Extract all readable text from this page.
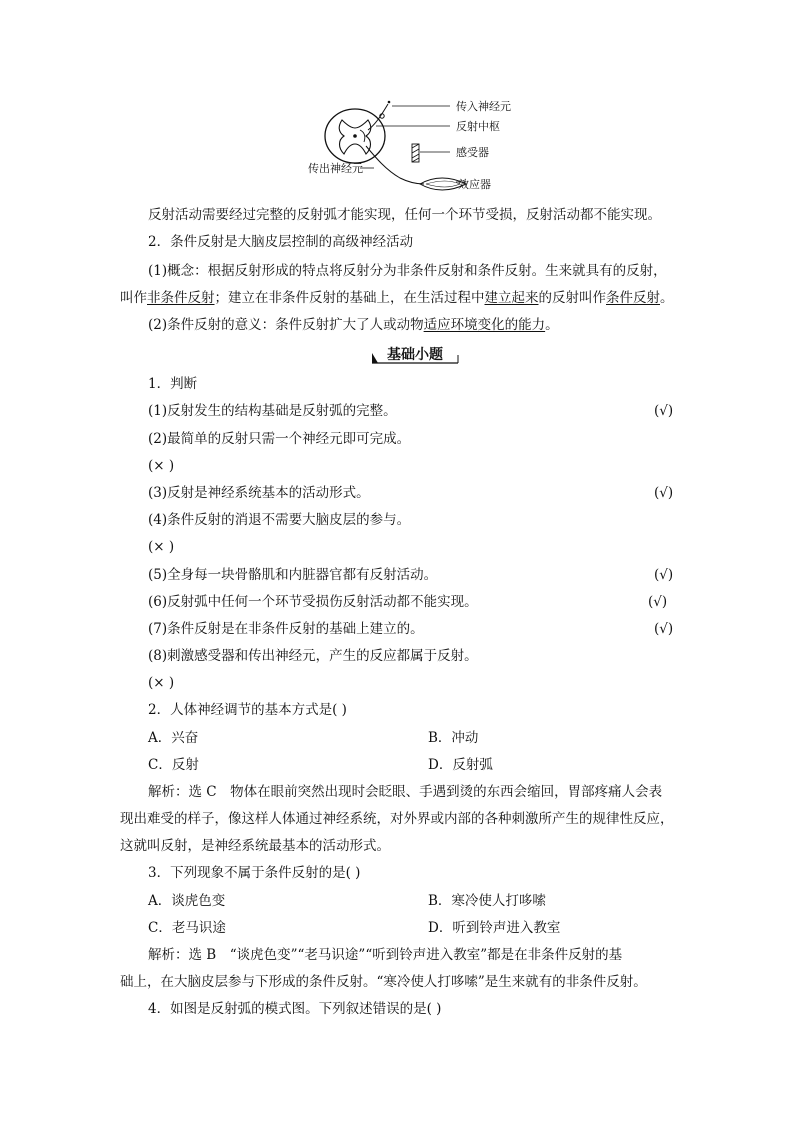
传入神经元
反射中枢
感受器
传出神经元
效应器
反射活动需要经过完整的反射弧才能实现，任何一个环节受损，反射活动都不能实现。
2．条件反射是大脑皮层控制的高级神经活动
(1)概念：根据反射形成的特点将反射分为非条件反射和条件反射。生来就具有的反射，
叫作非条件反射；建立在非条件反射的基础上，在生活过程中建立起来的反射叫作条件反射。
(2)条件反射的意义：条件反射扩大了人或动物适应环境变化的能力。
基础小题
1．判断
(1)反射发生的结构基础是反射弧的完整。	(√)
(2)最简单的反射只需一个神经元即可完成。
(× )
(3)反射是神经系统基本的活动形式。	(√)
(4)条件反射的消退不需要大脑皮层的参与。
(× )
(5)全身每一块骨骼肌和内脏器官都有反射活动。	(√)
(6)反射弧中任何一个环节受损伤反射活动都不能实现。	(√)
(7)条件反射是在非条件反射的基础上建立的。	(√)
(8)刺激感受器和传出神经元，产生的反应都属于反射。
(× )
2．人体神经调节的基本方式是( )
A．兴奋	B．冲动
C．反射	D．反射弧
解析：选 C　物体在眼前突然出现时会眨眼、手遇到烫的东西会缩回，胃部疼痛人会表
现出难受的样子，像这样人体通过神经系统，对外界或内部的各种刺激所产生的规律性反应，
这就叫反射，是神经系统最基本的活动形式。
3．下列现象不属于条件反射的是( )
A．谈虎色变	B．寒冷使人打哆嗦
C．老马识途	D．听到铃声进入教室
解析：选 B　“谈虎色变”“老马识途”“听到铃声进入教室”都是在非条件反射的基
础上，在大脑皮层参与下形成的条件反射。“寒冷使人打哆嗦”是生来就有的非条件反射。
4．如图是反射弧的模式图。下列叙述错误的是( )
